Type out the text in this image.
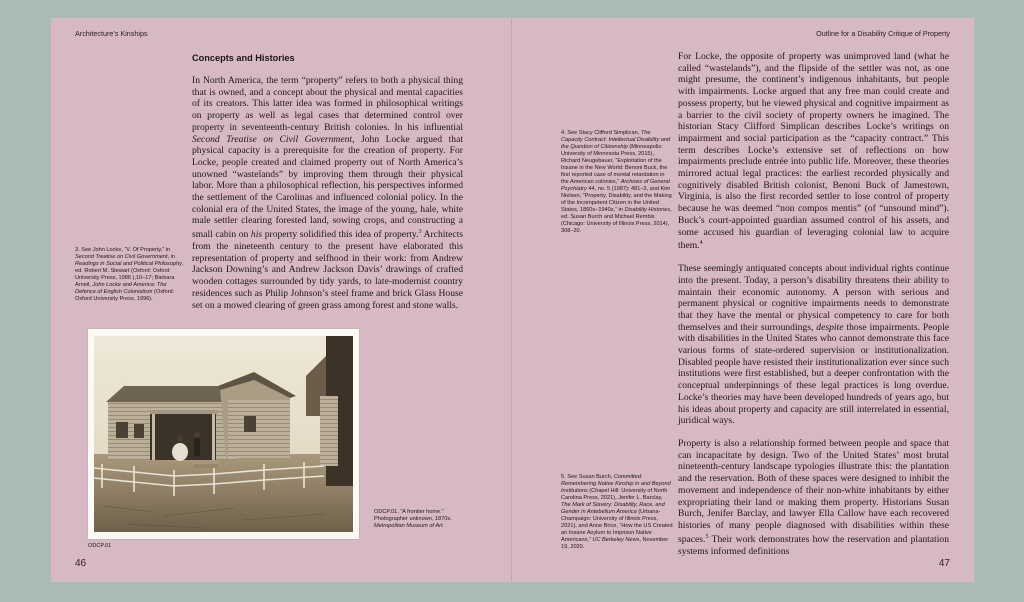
Architecture’s Kinships
Concepts and Histories

In North America, the term “property” refers to both a physical thing that is owned, and a concept about the physical and mental capacities of its creators. This latter idea was formed in philosophical writings on property as well as legal cases that determined control over property in seventeenth-century British colonies. In his influential Second Treatise on Civil Government, John Locke argued that physical capacity is a prerequisite for the creation of property. For Locke, people created and claimed property out of North America’s unowned “wastelands” by improving them through their physical labor. More than a philosophical reflection, his perspectives informed the settlement of the Carolinas and influenced colonial policy. In the colonial era of the United States, the image of the young, hale, white male settler clearing forested land, sowing crops, and constructing a small cabin on his property solidified this idea of property.$^3$ Architects from the nineteenth century to the present have elaborated this representation of property and selfhood in their work: from Andrew Jackson Downing’s and Andrew Jackson Davis’ drawings of crafted wooden cottages surrounded by tidy yards, to late-modernist country residences such as Philip Johnson’s steel frame and brick Glass House set on a mowed clearing of green grass among forest and stone walls.

3. See John Locke, “V. Of Property,” in Second Treatise on Civil Government, in Readings in Social and Political Philosophy, ed. Robert M. Stewart (Oxford: Oxford University Press, 1986 ),10–17; Barbara Arneil, John Locke and America: The Defence of English Colonialism (Oxford: Oxford University Press, 1996).
ODCP.01. “A frontier home.” Photographer unknown, 1870s. Metropolitan Museum of Art.
ODCP.01
46
Outline for a Disability Critique of Property

For Locke, the opposite of property was unimproved land (what he called “wastelands”), and the flipside of the settler was not, as one might presume, the continent’s indigenous inhabitants, but people with impairments. Locke argued that any free man could create and possess property, but he viewed physical and cognitive impairment as a barrier to the civil society of property owners he imagined. The historian Stacy Clifford Simplican describes Locke’s writings on impairment and social participation as the “capacity contract.” This term describes Locke’s extensive set of reflections on how impairments preclude entrée into public life. Moreover, these theories mirrored actual legal practices: the earliest recorded physically and cognitively disabled British colonist, Benoni Buck of Jamestown, Virginia, is also the first recorded settler to lose control of property because he was deemed “non compos mentis” (of “unsound mind”). Buck’s court-appointed guardian assumed control of his assets, and some accused his guardian of leveraging colonial law to acquire them.$^4$

These seemingly antiquated concepts about individual rights continue into the present. Today, a person’s disability threatens their ability to maintain their economic autonomy. A person with serious and permanent physical or cognitive impairments needs to demonstrate that they have the mental or physical competency to care for both themselves and their surroundings, despite those impairments. People with disabilities in the United States who cannot demonstrate this face various forms of state-ordered supervision or institutionalization. Disabled people have resisted their institutionalization ever since such institutions were first established, but a deeper confrontation with the conceptual underpinnings of these legal practices is long overdue. Locke’s theories may have been developed hundreds of years ago, but his ideas about property and capacity are still interrelated in essential, juridical ways.

Property is also a relationship formed between people and space that can incapacitate by design. Two of the United States’ most brutal nineteenth-century landscape typologies illustrate this: the plantation and the reservation. Both of these spaces were designed to inhibit the movement and independence of their non-white inhabitants by either expropriating their land or making them property. Historians Susan Burch, Jenifer Barclay, and lawyer Ella Callow have each recovered histories of many people diagnosed with disabilities within these spaces.$^5$ Their work demonstrates how the reservation and plantation systems informed definitions

4. See Stacy Clifford Simplican, The Capacity Contract: Intellectual Disability and the Question of Citizenship (Minneapolis: University of Minnesota Press, 2015), Richard Neugebauer, “Exploitation of the Insane in the New World: Benoni Buck, the first reported case of mental retardation in the American colonies,” Archives of General Psychiatry 44, no. 5 (1987): 481–3, and Kim Nielsen, “Property, Disability, and the Making of the Incompetent Citizen in the United States, 1860s–1940s,” in Disability Histories, ed. Susan Burch and Michael Rembis (Chicago: University of Illinois Press, 2014), 308–20.
5. See Susan Burch, Committed: Remembering Native Kinship in and Beyond Institutions (Chapel Hill: University of North Carolina Press, 2021), Jenifer L. Barclay, The Mark of Slavery: Disability, Race, and Gender in Antebellum America (Urbana-Champaign: University of Illinois Press, 2021), and Anne Brice, “How the US Created an Insane Asylum to Imprison Native Americans,” UC Berkeley News, November 19, 2020.
47
